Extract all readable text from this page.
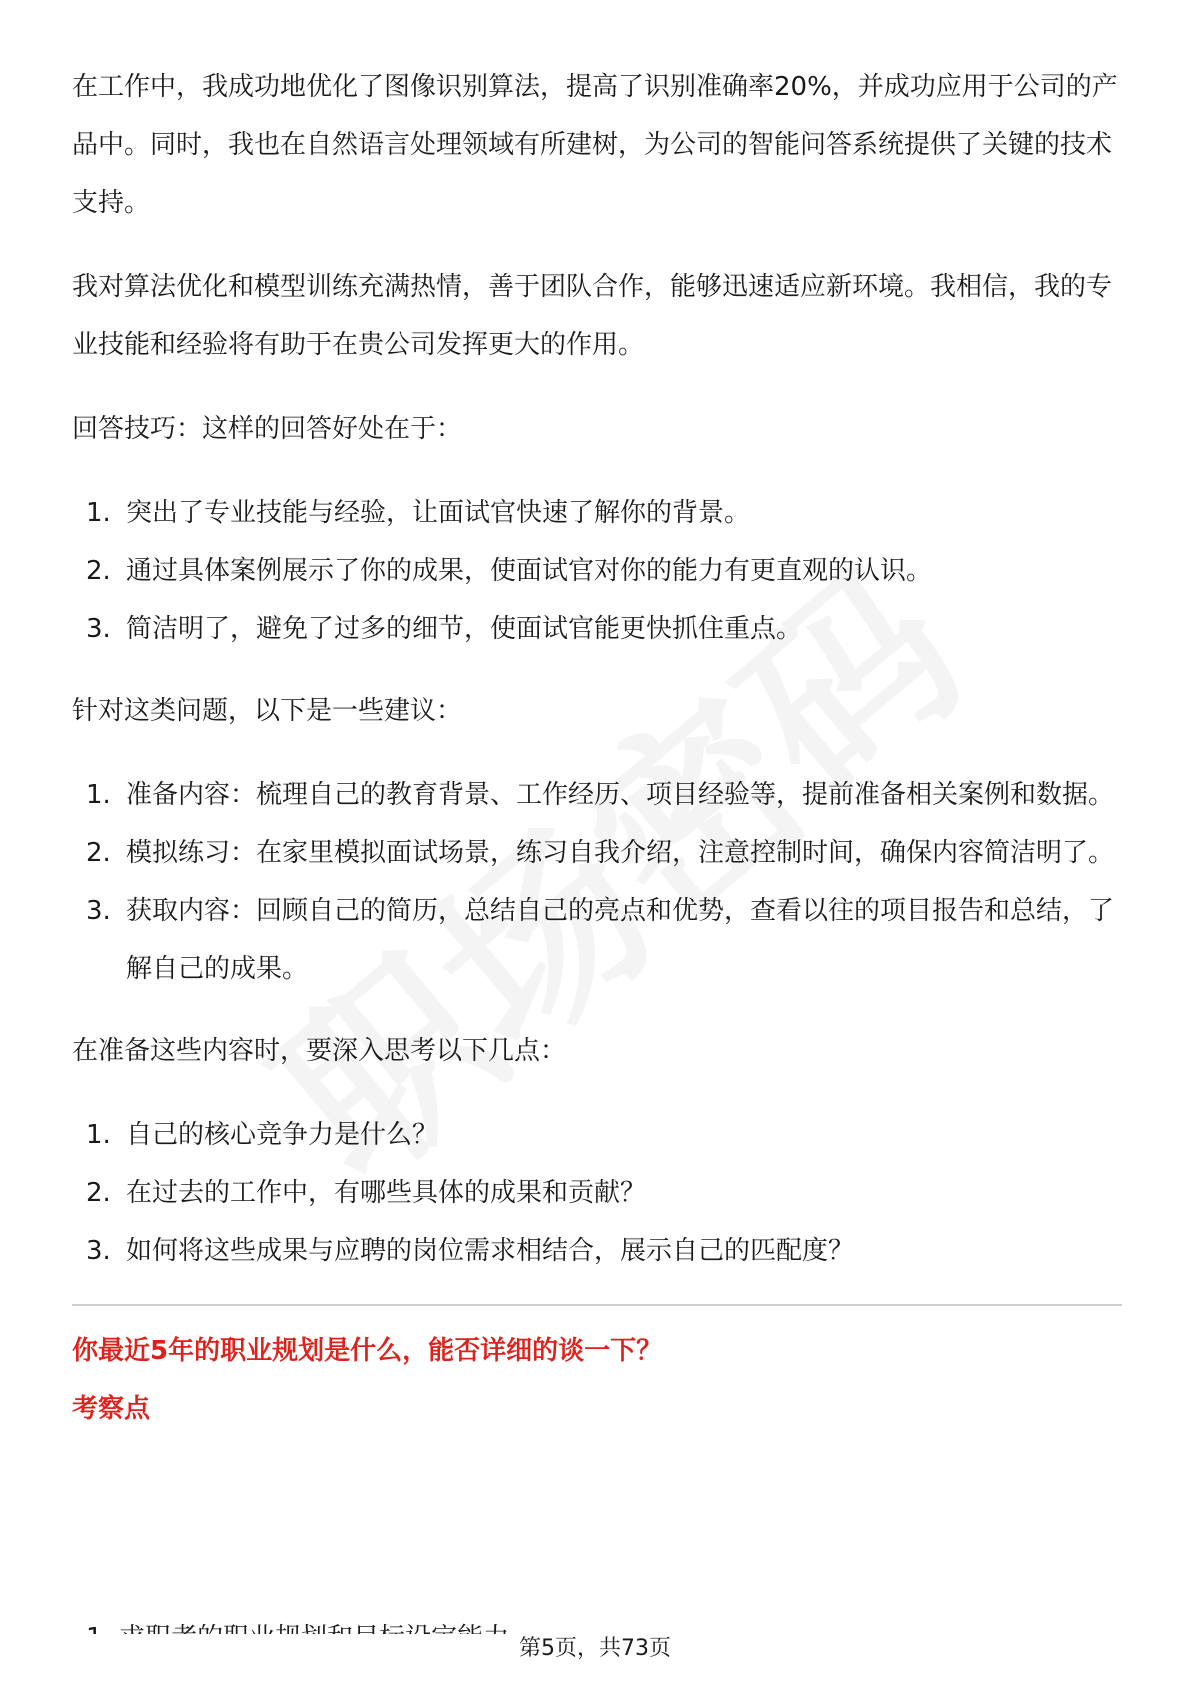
在工作中，我成功地优化了图像识别算法，提高了识别准确率20%，并成功应用于公司的产品中。同时，我也在自然语言处理领域有所建树，为公司的智能问答系统提供了关键的技术支持。

我对算法优化和模型训练充满热情，善于团队合作，能够迅速适应新环境。我相信，我的专业技能和经验将有助于在贵公司发挥更大的作用。

回答技巧：这样的回答好处在于：

1. 突出了专业技能与经验，让面试官快速了解你的背景。
2. 通过具体案例展示了你的成果，使面试官对你的能力有更直观的认识。
3. 简洁明了，避免了过多的细节，使面试官能更快抓住重点。

针对这类问题，以下是一些建议：

1. 准备内容：梳理自己的教育背景、工作经历、项目经验等，提前准备相关案例和数据。
2. 模拟练习：在家里模拟面试场景，练习自我介绍，注意控制时间，确保内容简洁明了。
3. 获取内容：回顾自己的简历，总结自己的亮点和优势，查看以往的项目报告和总结，了解自己的成果。

在准备这些内容时，要深入思考以下几点：

1. 自己的核心竞争力是什么？
2. 在过去的工作中，有哪些具体的成果和贡献？
3. 如何将这些成果与应聘的岗位需求相结合，展示自己的匹配度？
你最近5年的职业规划是什么，能否详细的谈一下？
考察点
第5页，共73页
